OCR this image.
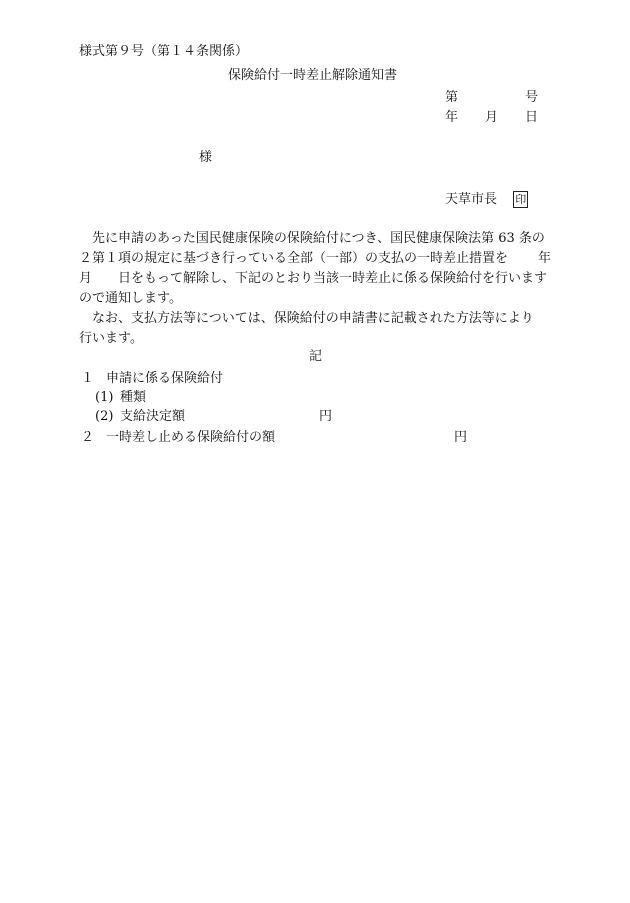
様式第９号（第１４条関係）
保険給付一時差止解除通知書
第	号
年 月 日
様
天草市長 印
先に申請のあった国民健康保険の保険給付につき、国民健康保険法第 63 条の
２第１項の規定に基づき行っている全部（一部）の支払の一時差止措置を 年
月 日をもって解除し、下記のとおり当該一時差止に係る保険給付を行います
ので通知します。
なお、支払方法等については、保険給付の申請書に記載された方法等により
行います。
記
１ 申請に係る保険給付
(1) 種類
(2) 支給決定額	円
２ 一時差し止める保険給付の額	円
